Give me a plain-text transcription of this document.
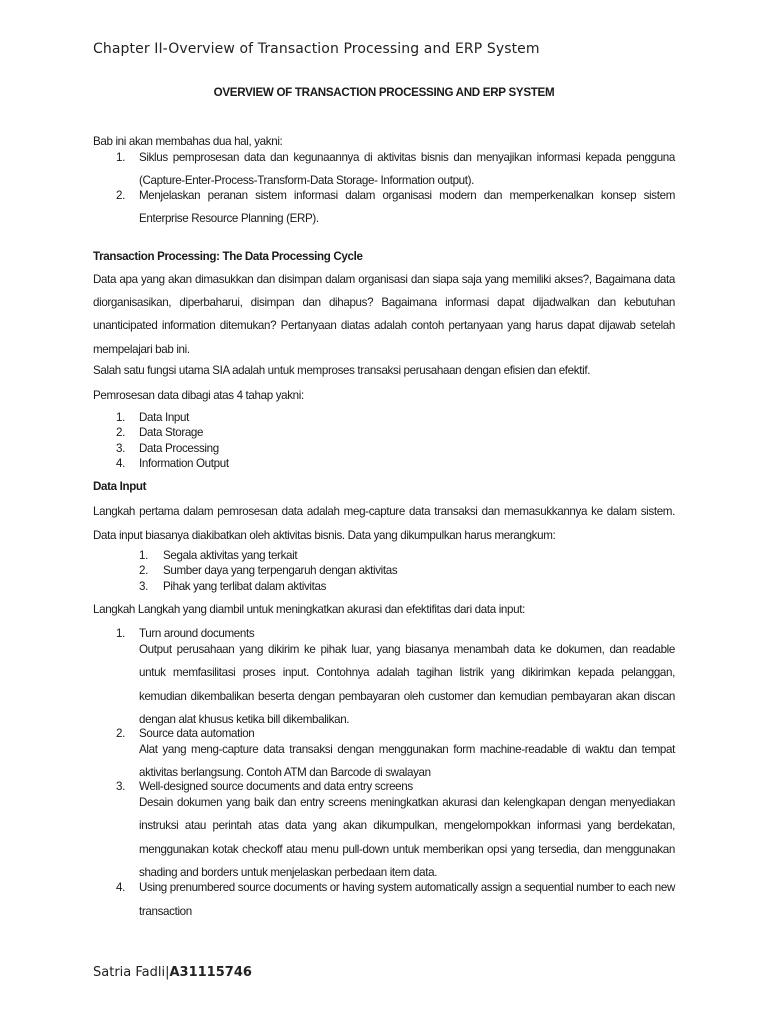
Chapter II-Overview of Transaction Processing and ERP System
OVERVIEW OF TRANSACTION PROCESSING AND ERP SYSTEM
Bab ini akan membahas dua hal, yakni:
1.	Siklus pemprosesan data dan kegunaannya di aktivitas bisnis dan menyajikan informasi kepada pengguna (Capture-Enter-Process-Transform-Data Storage- Information output).
2.	Menjelaskan peranan sistem informasi dalam organisasi modern dan memperkenalkan konsep sistem Enterprise Resource Planning (ERP).
Transaction Processing: The Data Processing Cycle
Data apa yang akan dimasukkan dan disimpan dalam organisasi dan siapa saja yang memiliki akses?, Bagaimana data diorganisasikan, diperbaharui, disimpan dan dihapus? Bagaimana informasi dapat dijadwalkan dan kebutuhan unanticipated information ditemukan? Pertanyaan diatas adalah contoh pertanyaan yang harus dapat dijawab setelah mempelajari bab ini.
Salah satu fungsi utama SIA adalah untuk memproses transaksi perusahaan dengan efisien dan efektif.
Pemrosesan data dibagi atas 4 tahap yakni:
1.	Data Input
2.	Data Storage
3.	Data Processing
4.	Information Output
Data Input
Langkah pertama dalam pemrosesan data adalah meg-capture data transaksi dan memasukkannya ke dalam sistem. Data input biasanya diakibatkan oleh aktivitas bisnis. Data yang dikumpulkan harus merangkum:
1.	Segala aktivitas yang terkait
2.	Sumber daya yang terpengaruh dengan aktivitas
3.	Pihak yang terlibat dalam aktivitas
Langkah Langkah yang diambil untuk meningkatkan akurasi dan efektifitas dari data input:
1.	Turn around documents
Output perusahaan yang dikirim ke pihak luar, yang biasanya menambah data ke dokumen, dan readable untuk memfasilitasi proses input. Contohnya adalah tagihan listrik yang dikirimkan kepada pelanggan, kemudian dikembalikan beserta dengan pembayaran oleh customer dan kemudian pembayaran akan discan dengan alat khusus ketika bill dikembalikan.
2.	Source data automation
Alat yang meng-capture data transaksi dengan menggunakan form machine-readable di waktu dan tempat aktivitas berlangsung. Contoh ATM dan Barcode di swalayan
3.	Well-designed source documents and data entry screens
Desain dokumen yang baik dan entry screens meningkatkan akurasi dan kelengkapan dengan menyediakan instruksi atau perintah atas data yang akan dikumpulkan, mengelompokkan informasi yang berdekatan, menggunakan kotak checkoff atau menu pull-down untuk memberikan opsi yang tersedia, dan menggunakan shading and borders untuk menjelaskan perbedaan item data.
4.	Using prenumbered source documents or having system automatically assign a sequential number to each new transaction
Satria Fadli|A31115746
